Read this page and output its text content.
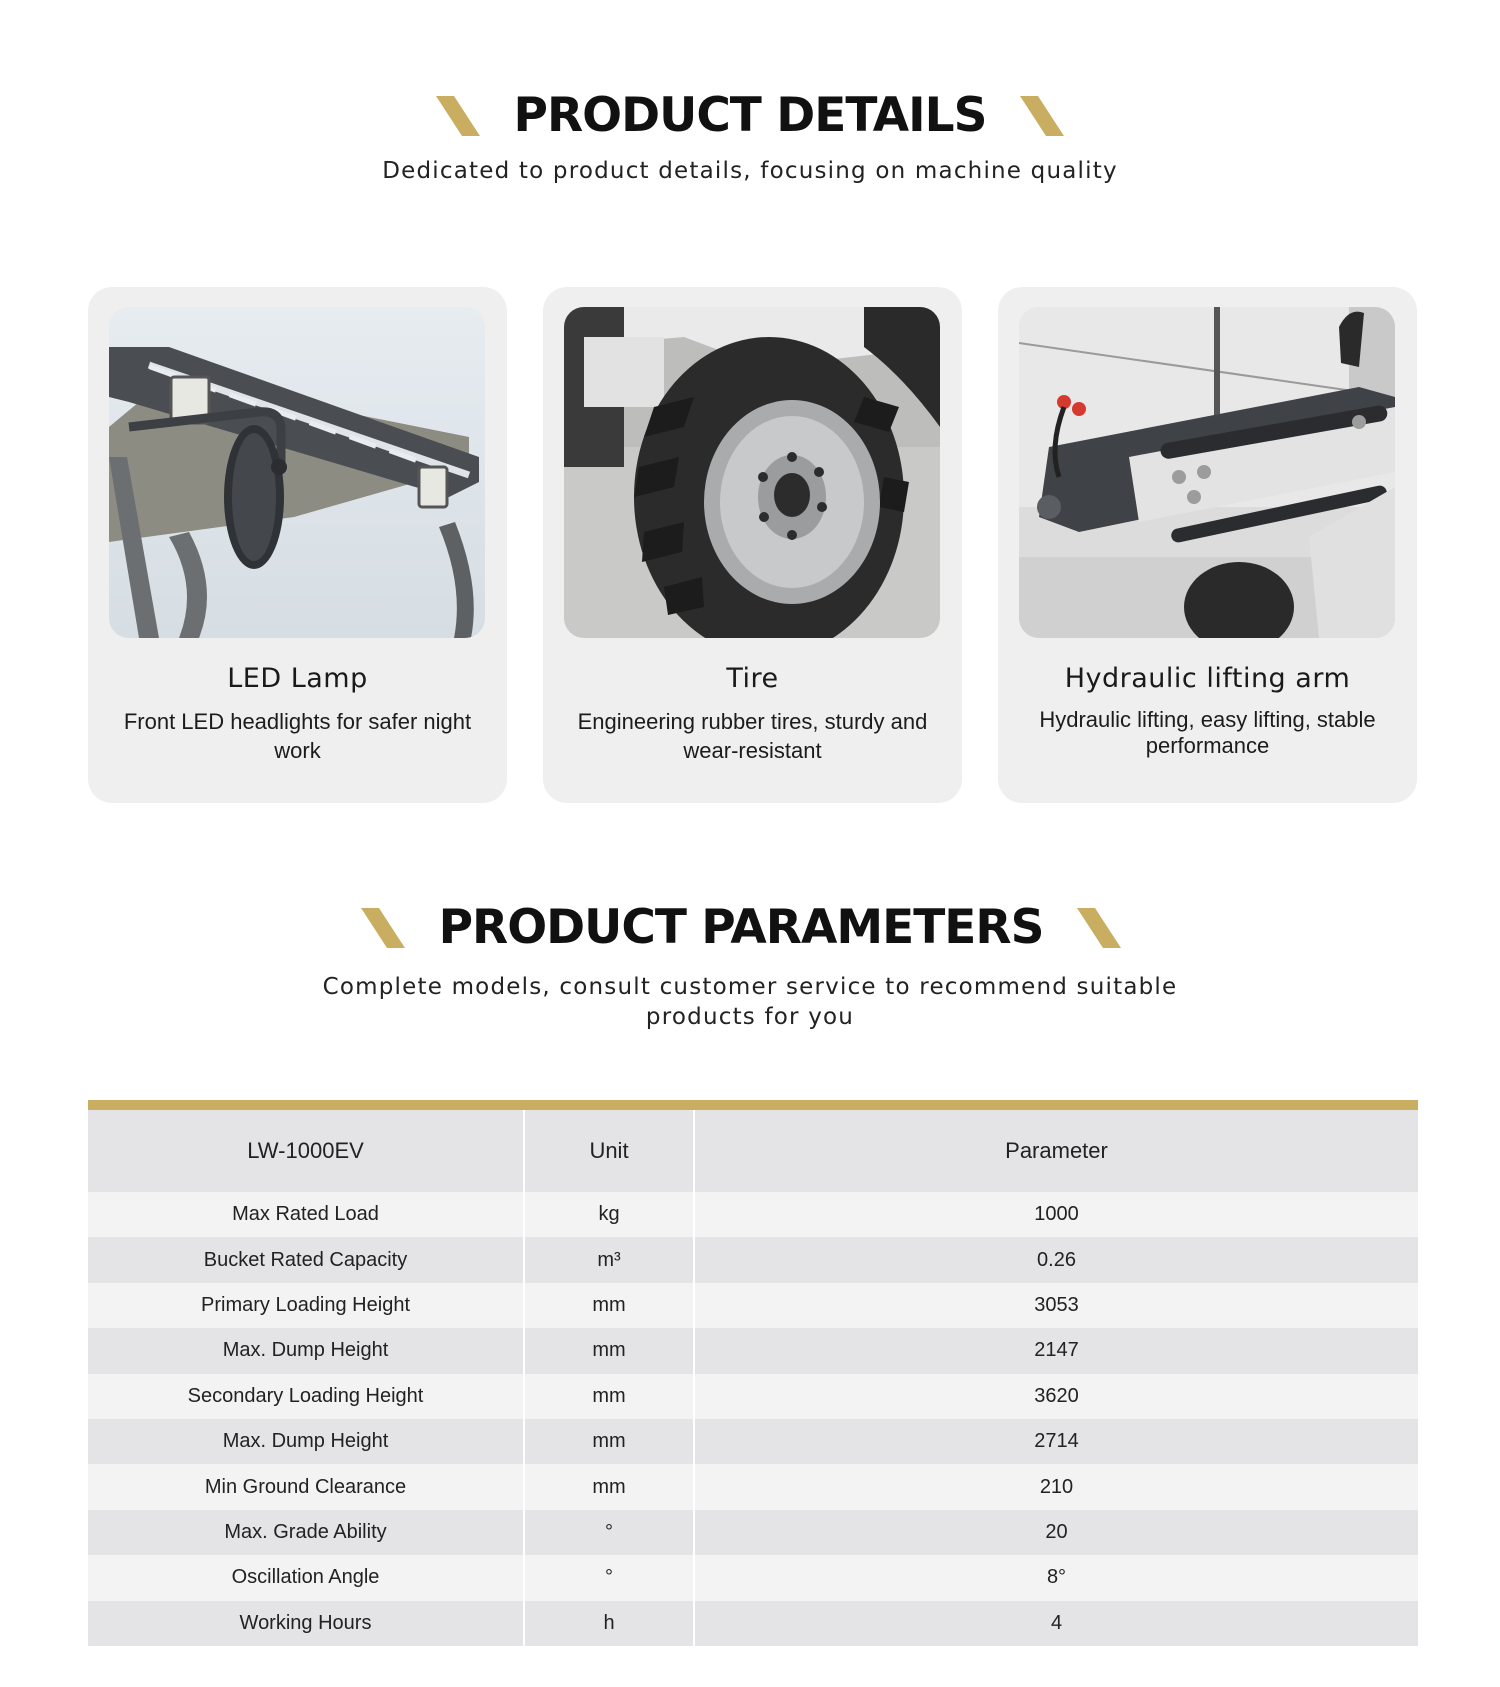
PRODUCT DETAILS

Dedicated to product details, focusing on machine quality

LED Lamp
Front LED headlights for safer night work
Tire
Engineering rubber tires, sturdy and wear-resistant
Hydraulic lifting arm
Hydraulic lifting, easy lifting, stable performance
PRODUCT PARAMETERS

Complete models, consult customer service to recommend suitable products for you

LW-1000EV	Unit	Parameter
Max Rated Load	kg	1000
Bucket Rated Capacity	m³	0.26
Primary Loading Height	mm	3053
Max. Dump Height	mm	2147
Secondary Loading Height	mm	3620
Max. Dump Height	mm	2714
Min Ground Clearance	mm	210
Max. Grade Ability	°	20
Oscillation Angle	°	8°
Working Hours	h	4
